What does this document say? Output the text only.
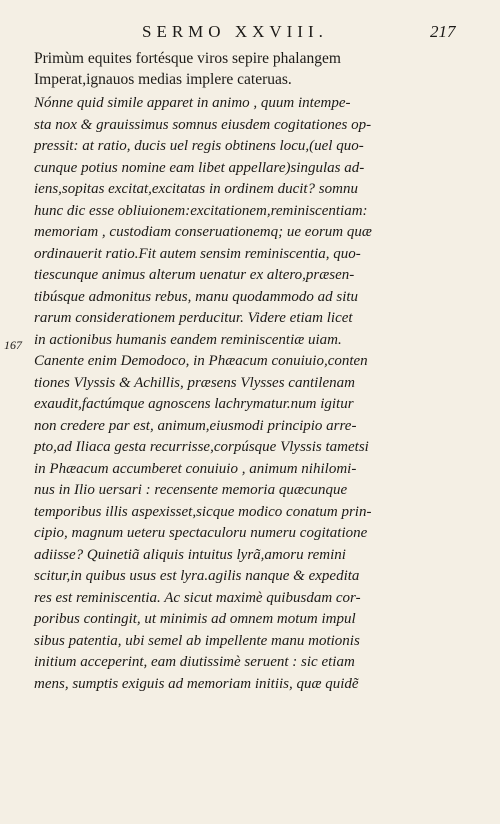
SERMO XXVIII.	217
167
Primùm equites fortésque viros sepire phalangem
Imperat,ignauos medias implere cateruas.
Nónne quid simile apparet in animo , quum intempe-
sta nox & grauissimus somnus eiusdem cogitationes op-
pressit: at ratio, ducis uel regis obtinens locu,(uel quo-
cunque potius nomine eam libet appellare)singulas ad-
iens,sopitas excitat,excitatas in ordinem ducit? somnu
hunc dic esse obliuionem:excitationem,reminiscentiam:
memoriam , custodiam conseruationemq; ue eorum quæ
ordinauerit ratio.Fit autem sensim reminiscentia, quo-
tiescunque animus alterum uenatur ex altero,præsen-
tibúsque admonitus rebus, manu quodammodo ad situ
rarum considerationem perducitur. Videre etiam licet
in actionibus humanis eandem reminiscentiæ uiam.
Canente enim Demodoco, in Phæacum conuiuio,conten
tiones Vlyssis & Achillis, præsens Vlysses cantilenam
exaudit,factúmque agnoscens lachrymatur.num igitur
non credere par est, animum,eiusmodi principio arre-
pto,ad Iliaca gesta recurrisse,corpúsque Vlyssis tametsi
in Phæacum accumberet conuiuio , animum nihilomi-
nus in Ilio uersari : recensente memoria quæcunque
temporibus illis aspexisset,sicque modico conatum prin-
cipio, magnum ueteru spectaculoru numeru cogitatione
adiisse? Quinetiã aliquis intuitus lyrã,amoru remini
scitur,in quibus usus est lyra.agilis nanque & expedita
res est reminiscentia. Ac sicut maximè quibusdam cor-
poribus contingit, ut minimis ad omnem motum impul
sibus patentia, ubi semel ab impellente manu motionis
initium acceperint, eam diutissimè seruent : sic etiam
mens, sumptis exiguis ad memoriam initiis, quæ quidẽ
